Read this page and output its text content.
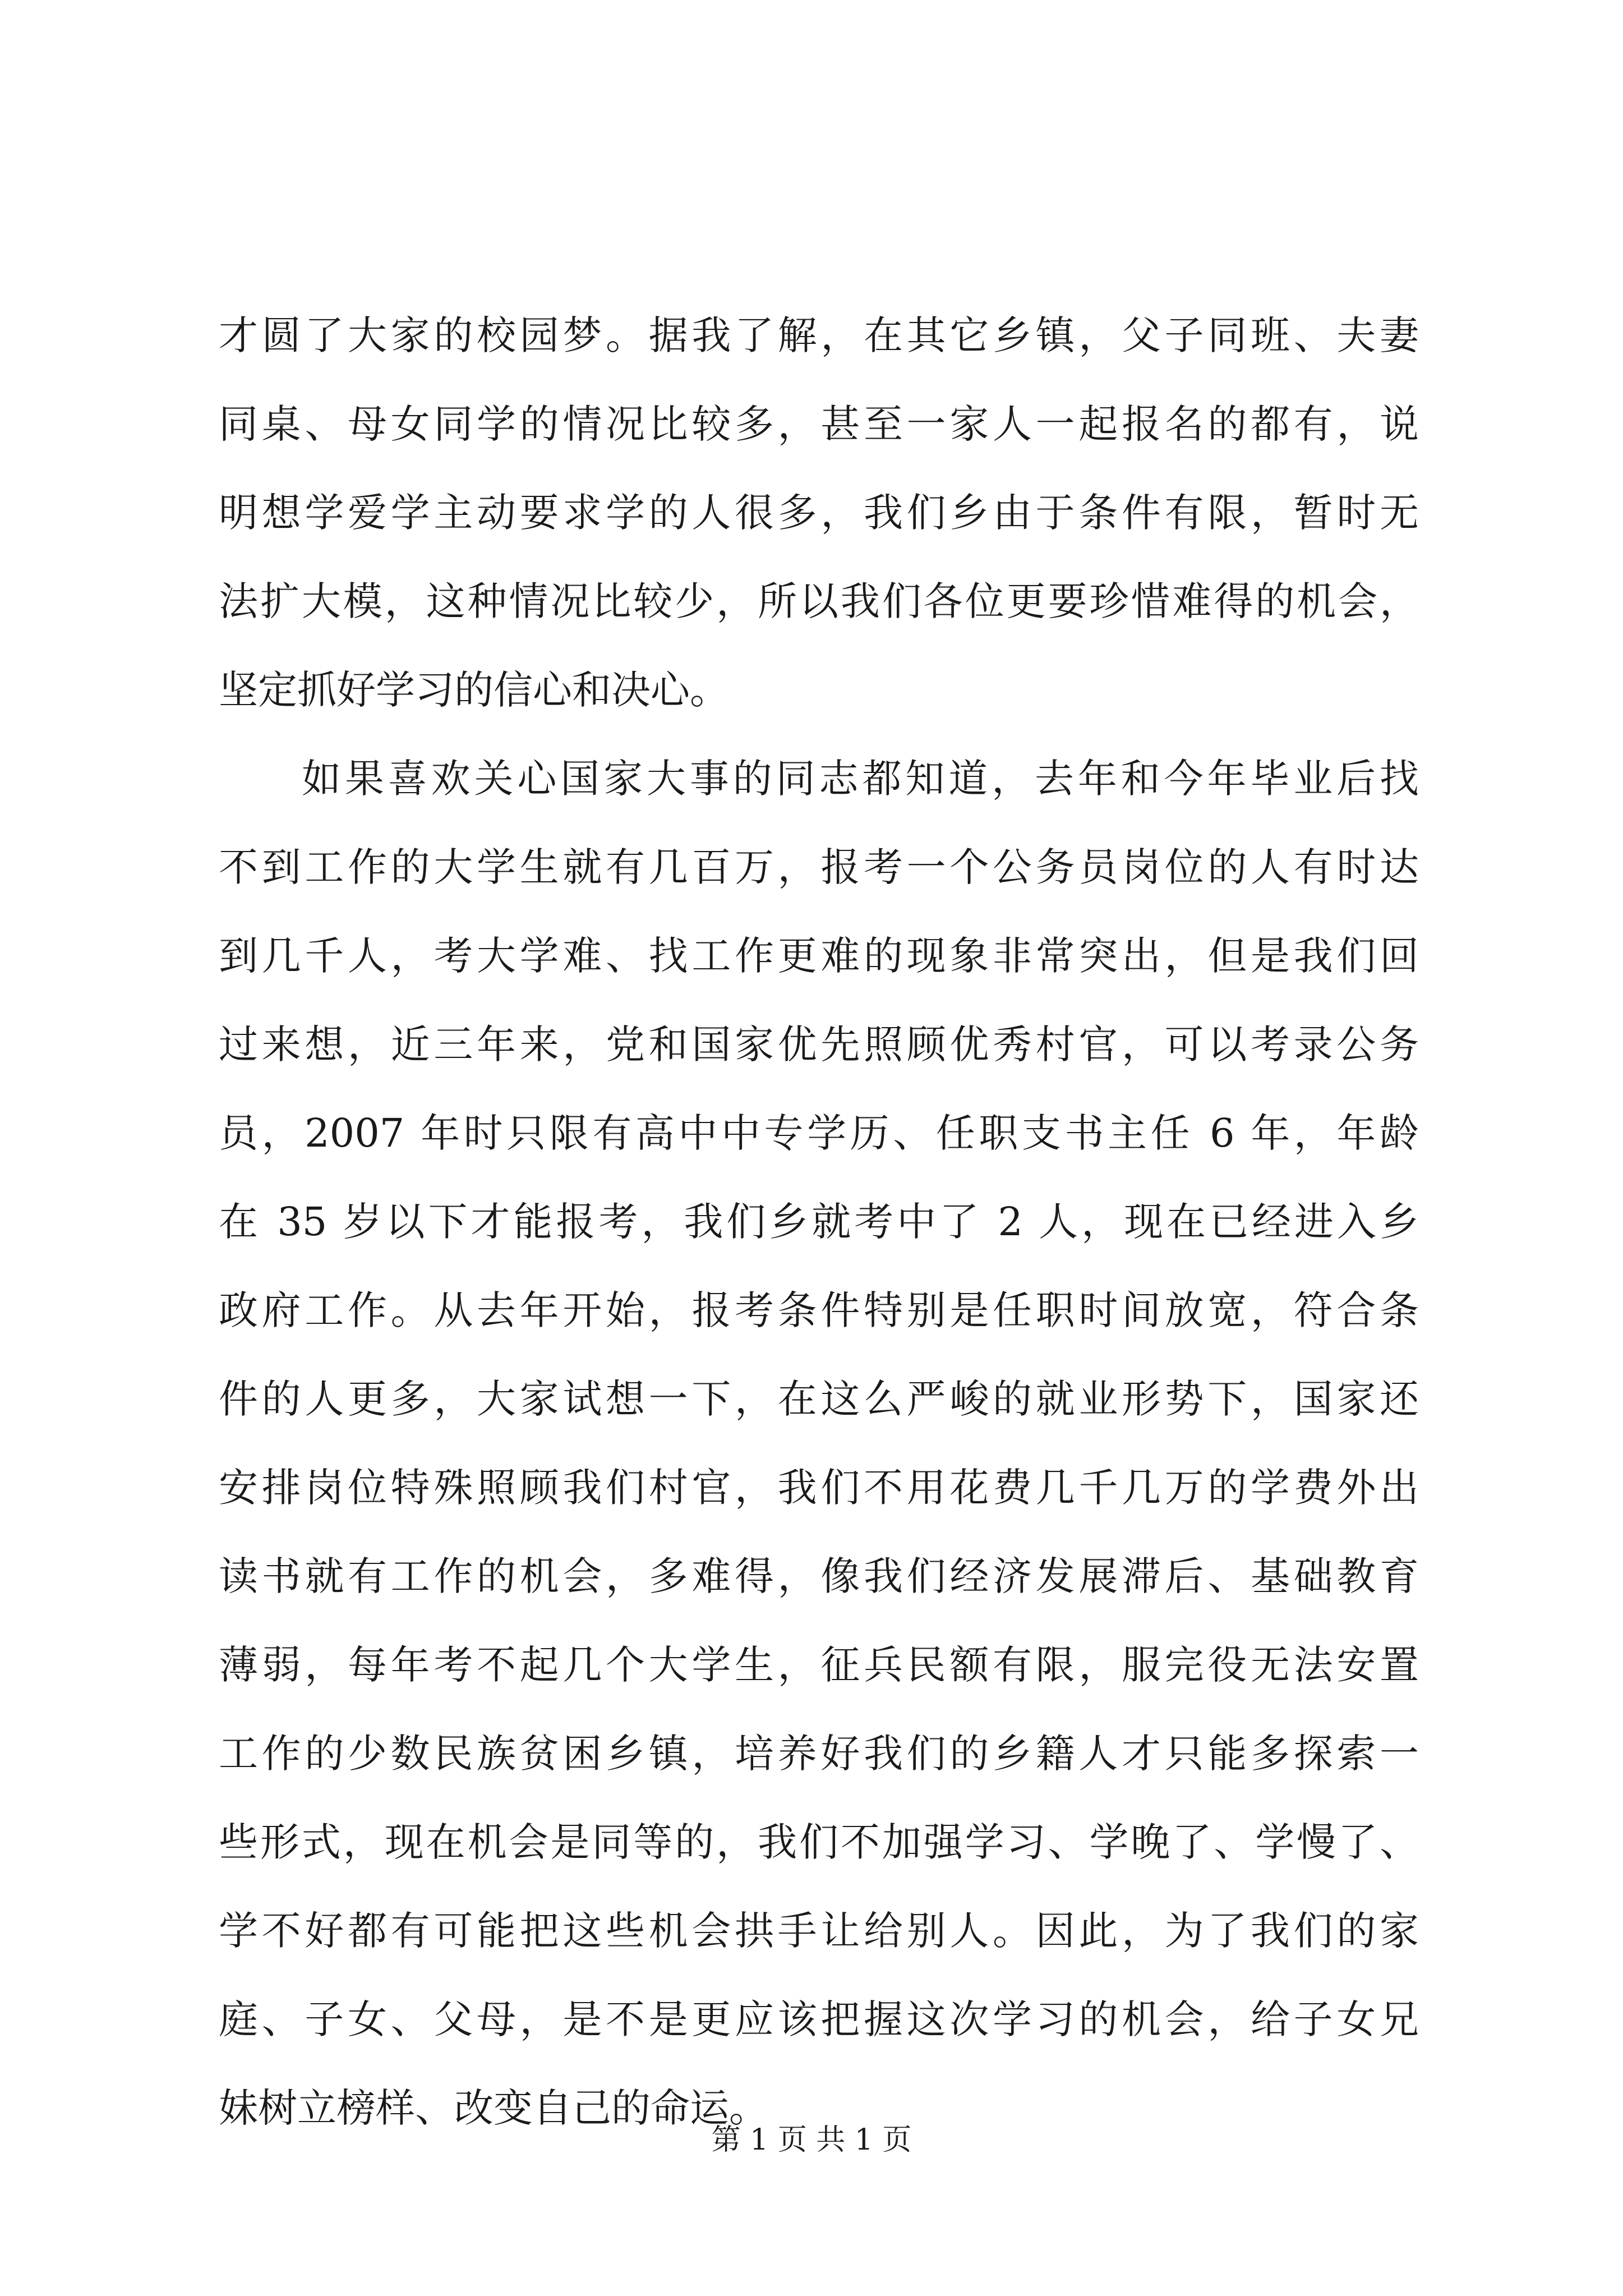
才圆了大家的校园梦。据我了解，在其它乡镇，父子同班、夫妻
同桌、母女同学的情况比较多，甚至一家人一起报名的都有，说
明想学爱学主动要求学的人很多，我们乡由于条件有限，暂时无
法扩大模，这种情况比较少，所以我们各位更要珍惜难得的机会，
坚定抓好学习的信心和决心。
如果喜欢关心国家大事的同志都知道，去年和今年毕业后找
不到工作的大学生就有几百万，报考一个公务员岗位的人有时达
到几千人，考大学难、找工作更难的现象非常突出，但是我们回
过来想，近三年来，党和国家优先照顾优秀村官，可以考录公务
员，2007 年时只限有高中中专学历、任职支书主任 6 年，年龄
在 35 岁以下才能报考，我们乡就考中了 2 人，现在已经进入乡
政府工作。从去年开始，报考条件特别是任职时间放宽，符合条
件的人更多，大家试想一下，在这么严峻的就业形势下，国家还
安排岗位特殊照顾我们村官，我们不用花费几千几万的学费外出
读书就有工作的机会，多难得，像我们经济发展滞后、基础教育
薄弱，每年考不起几个大学生，征兵民额有限，服完役无法安置
工作的少数民族贫困乡镇，培养好我们的乡籍人才只能多探索一
些形式，现在机会是同等的，我们不加强学习、学晚了、学慢了、
学不好都有可能把这些机会拱手让给别人。因此，为了我们的家
庭、子女、父母，是不是更应该把握这次学习的机会，给子女兄
妹树立榜样、改变自己的命运。
第 1 页 共 1 页
